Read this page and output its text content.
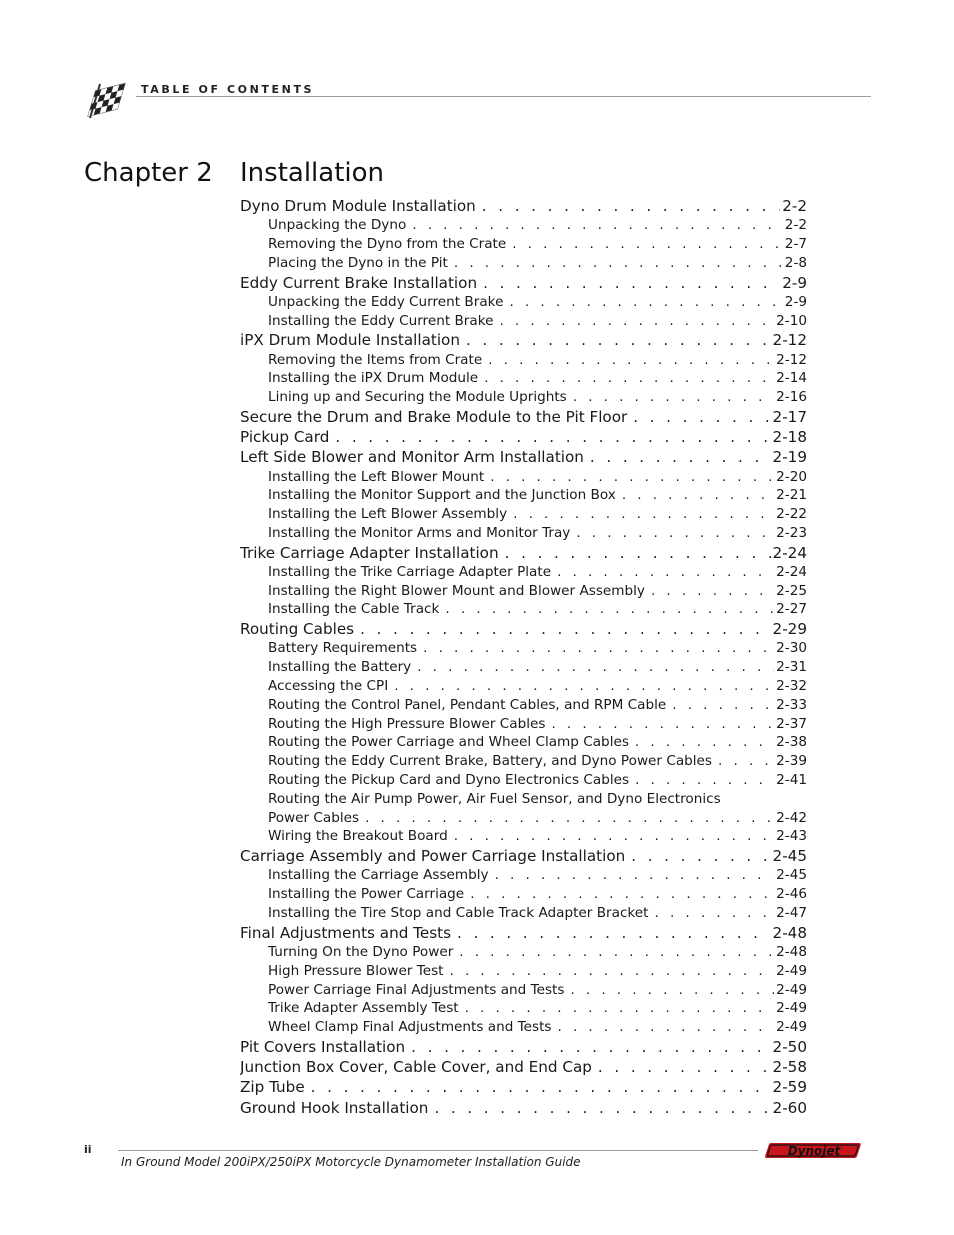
TABLE OF CONTENTS
Chapter 2 Installation
Dyno Drum Module Installation . . .	2-2
Unpacking the Dyno . . .	2-2
Removing the Dyno from the Crate . . .	2-7
Placing the Dyno in the Pit . . .	2-8
Eddy Current Brake Installation . . .	2-9
Unpacking the Eddy Current Brake . . .	2-9
Installing the Eddy Current Brake . . .	2-10
iPX Drum Module Installation . . .	2-12
Removing the Items from Crate . . .	2-12
Installing the iPX Drum Module . . .	2-14
Lining up and Securing the Module Uprights . . .	2-16
Secure the Drum and Brake Module to the Pit Floor . . .	2-17
Pickup Card . . .	2-18
Left Side Blower and Monitor Arm Installation . . .	2-19
Installing the Left Blower Mount . . .	2-20
Installing the Monitor Support and the Junction Box . . .	2-21
Installing the Left Blower Assembly . . .	2-22
Installing the Monitor Arms and Monitor Tray . . .	2-23
Trike Carriage Adapter Installation . . .	2-24
Installing the Trike Carriage Adapter Plate . . .	2-24
Installing the Right Blower Mount and Blower Assembly . . .	2-25
Installing the Cable Track . . .	2-27
Routing Cables . . .	2-29
Battery Requirements . . .	2-30
Installing the Battery . . .	2-31
Accessing the CPI . . .	2-32
Routing the Control Panel, Pendant Cables, and RPM Cable . . .	2-33
Routing the High Pressure Blower Cables . . .	2-37
Routing the Power Carriage and Wheel Clamp Cables . . .	2-38
Routing the Eddy Current Brake, Battery, and Dyno Power Cables . . .	2-39
Routing the Pickup Card and Dyno Electronics Cables . . .	2-41
Routing the Air Pump Power, Air Fuel Sensor, and Dyno Electronics
Power Cables . . .	2-42
Wiring the Breakout Board . . .	2-43
Carriage Assembly and Power Carriage Installation . . .	2-45
Installing the Carriage Assembly . . .	2-45
Installing the Power Carriage . . .	2-46
Installing the Tire Stop and Cable Track Adapter Bracket . . .	2-47
Final Adjustments and Tests . . .	2-48
Turning On the Dyno Power . . .	2-48
High Pressure Blower Test . . .	2-49
Power Carriage Final Adjustments and Tests . . .	2-49
Trike Adapter Assembly Test . . .	2-49
Wheel Clamp Final Adjustments and Tests . . .	2-49
Pit Covers Installation . . .	2-50
Junction Box Cover, Cable Cover, and End Cap . . .	2-58
Zip Tube . . .	2-59
Ground Hook Installation . . .	2-60
ii
In Ground Model 200iPX/250iPX Motorcycle Dynamometer Installation Guide
Dynojet
